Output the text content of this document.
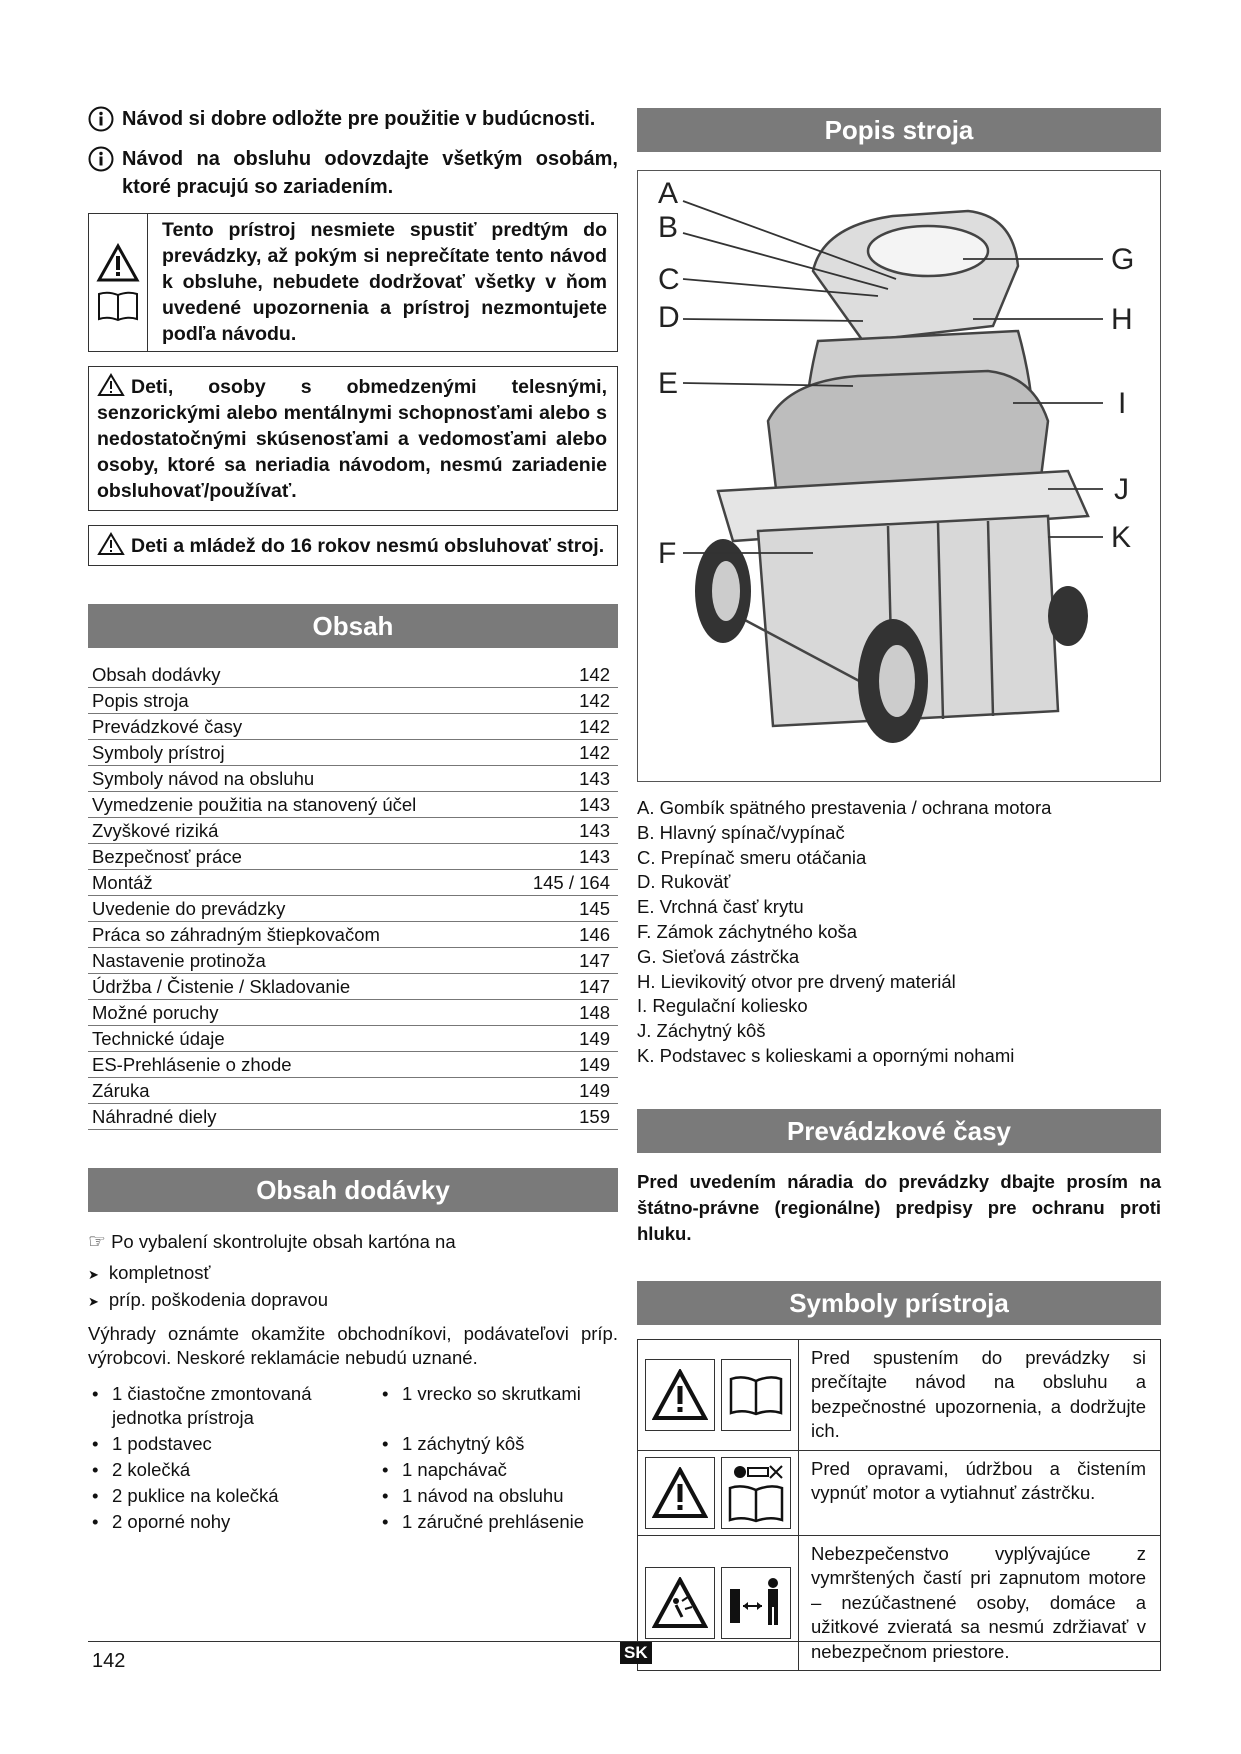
Návod si dobre odložte pre použitie v budúcnosti.
Návod na obsluhu odovzdajte všetkým osobám, ktoré pracujú so zariadením.
Tento prístroj nesmiete spustiť predtým do prevádzky, až pokým si neprečítate tento návod k obsluhe, nebudete dodržovať všetky v ňom uvedené upozornenia a prístroj nezmontujete podľa návodu.
Deti, osoby s obmedzenými telesnými, senzorickými alebo mentálnymi schopnosťami alebo s nedostatočnými skúsenosťami a vedomosťami alebo osoby, ktoré sa neriadia návodom, nesmú zariadenie obsluhovať/používať.
Deti a mládež do 16 rokov nesmú obsluhovať stroj.
Obsah
Obsah dodávky	142
Popis stroja	142
Prevádzkové časy	142
Symboly prístroj	142
Symboly návod na obsluhu	143
Vymedzenie použitia na stanovený účel	143
Zvyškové riziká	143
Bezpečnosť práce	143
Montáž	145 / 164
Uvedenie do prevádzky	145
Práca so záhradným štiepkovačom	146
Nastavenie protinoža	147
Údržba / Čistenie / Skladovanie	147
Možné poruchy	148
Technické údaje	149
ES-Prehlásenie o zhode	149
Záruka	149
Náhradné diely	159
Obsah dodávky
☞ Po vybalení skontrolujte obsah kartóna na
➤ kompletnosť
➤ príp. poškodenia dopravou
Výhrady oznámte okamžite obchodníkovi, podávateľovi príp. výrobcovi. Neskoré reklamácie nebudú uznané.
• 1 čiastočne zmontovaná jednotka prístroja
• 1 vrecko so skrutkami
• 1 podstavec	• 1 záchytný kôš
• 2 kolečká	• 1 napchávač
• 2 puklice na kolečká	• 1 návod na obsluhu
• 2 oporné nohy	• 1 záručné prehlásenie
Popis stroja
A
B
C
D
E
F
G
H
I
J
K
A. Gombík spätného prestavenia / ochrana motora
B. Hlavný spínač/vypínač
C. Prepínač smeru otáčania
D. Rukoväť
E. Vrchná časť krytu
F. Zámok záchytného koša
G. Sieťová zástrčka
H. Lievikovitý otvor pre drvený materiál
I. Regulační koliesko
J. Záchytný kôš
K. Podstavec s kolieskami a opornými nohami
Prevádzkové časy
Pred uvedením náradia do prevádzky dbajte prosím na štátno-právne (regionálne) predpisy pre ochranu proti hluku.
Symboly prístroja
Pred spustením do prevádzky si prečítajte návod na obsluhu a bezpečnostné upozornenia, a dodržujte ich.
Pred opravami, údržbou a čistením vypnúť motor a vytiahnuť zástrčku.
Nebezpečenstvo vyplývajúce z vymrštených častí pri zapnutom motore – nezúčastnené osoby, domáce a užitkové zvieratá sa nesmú zdržiavať v nebezpečnom priestore.
142	SK
